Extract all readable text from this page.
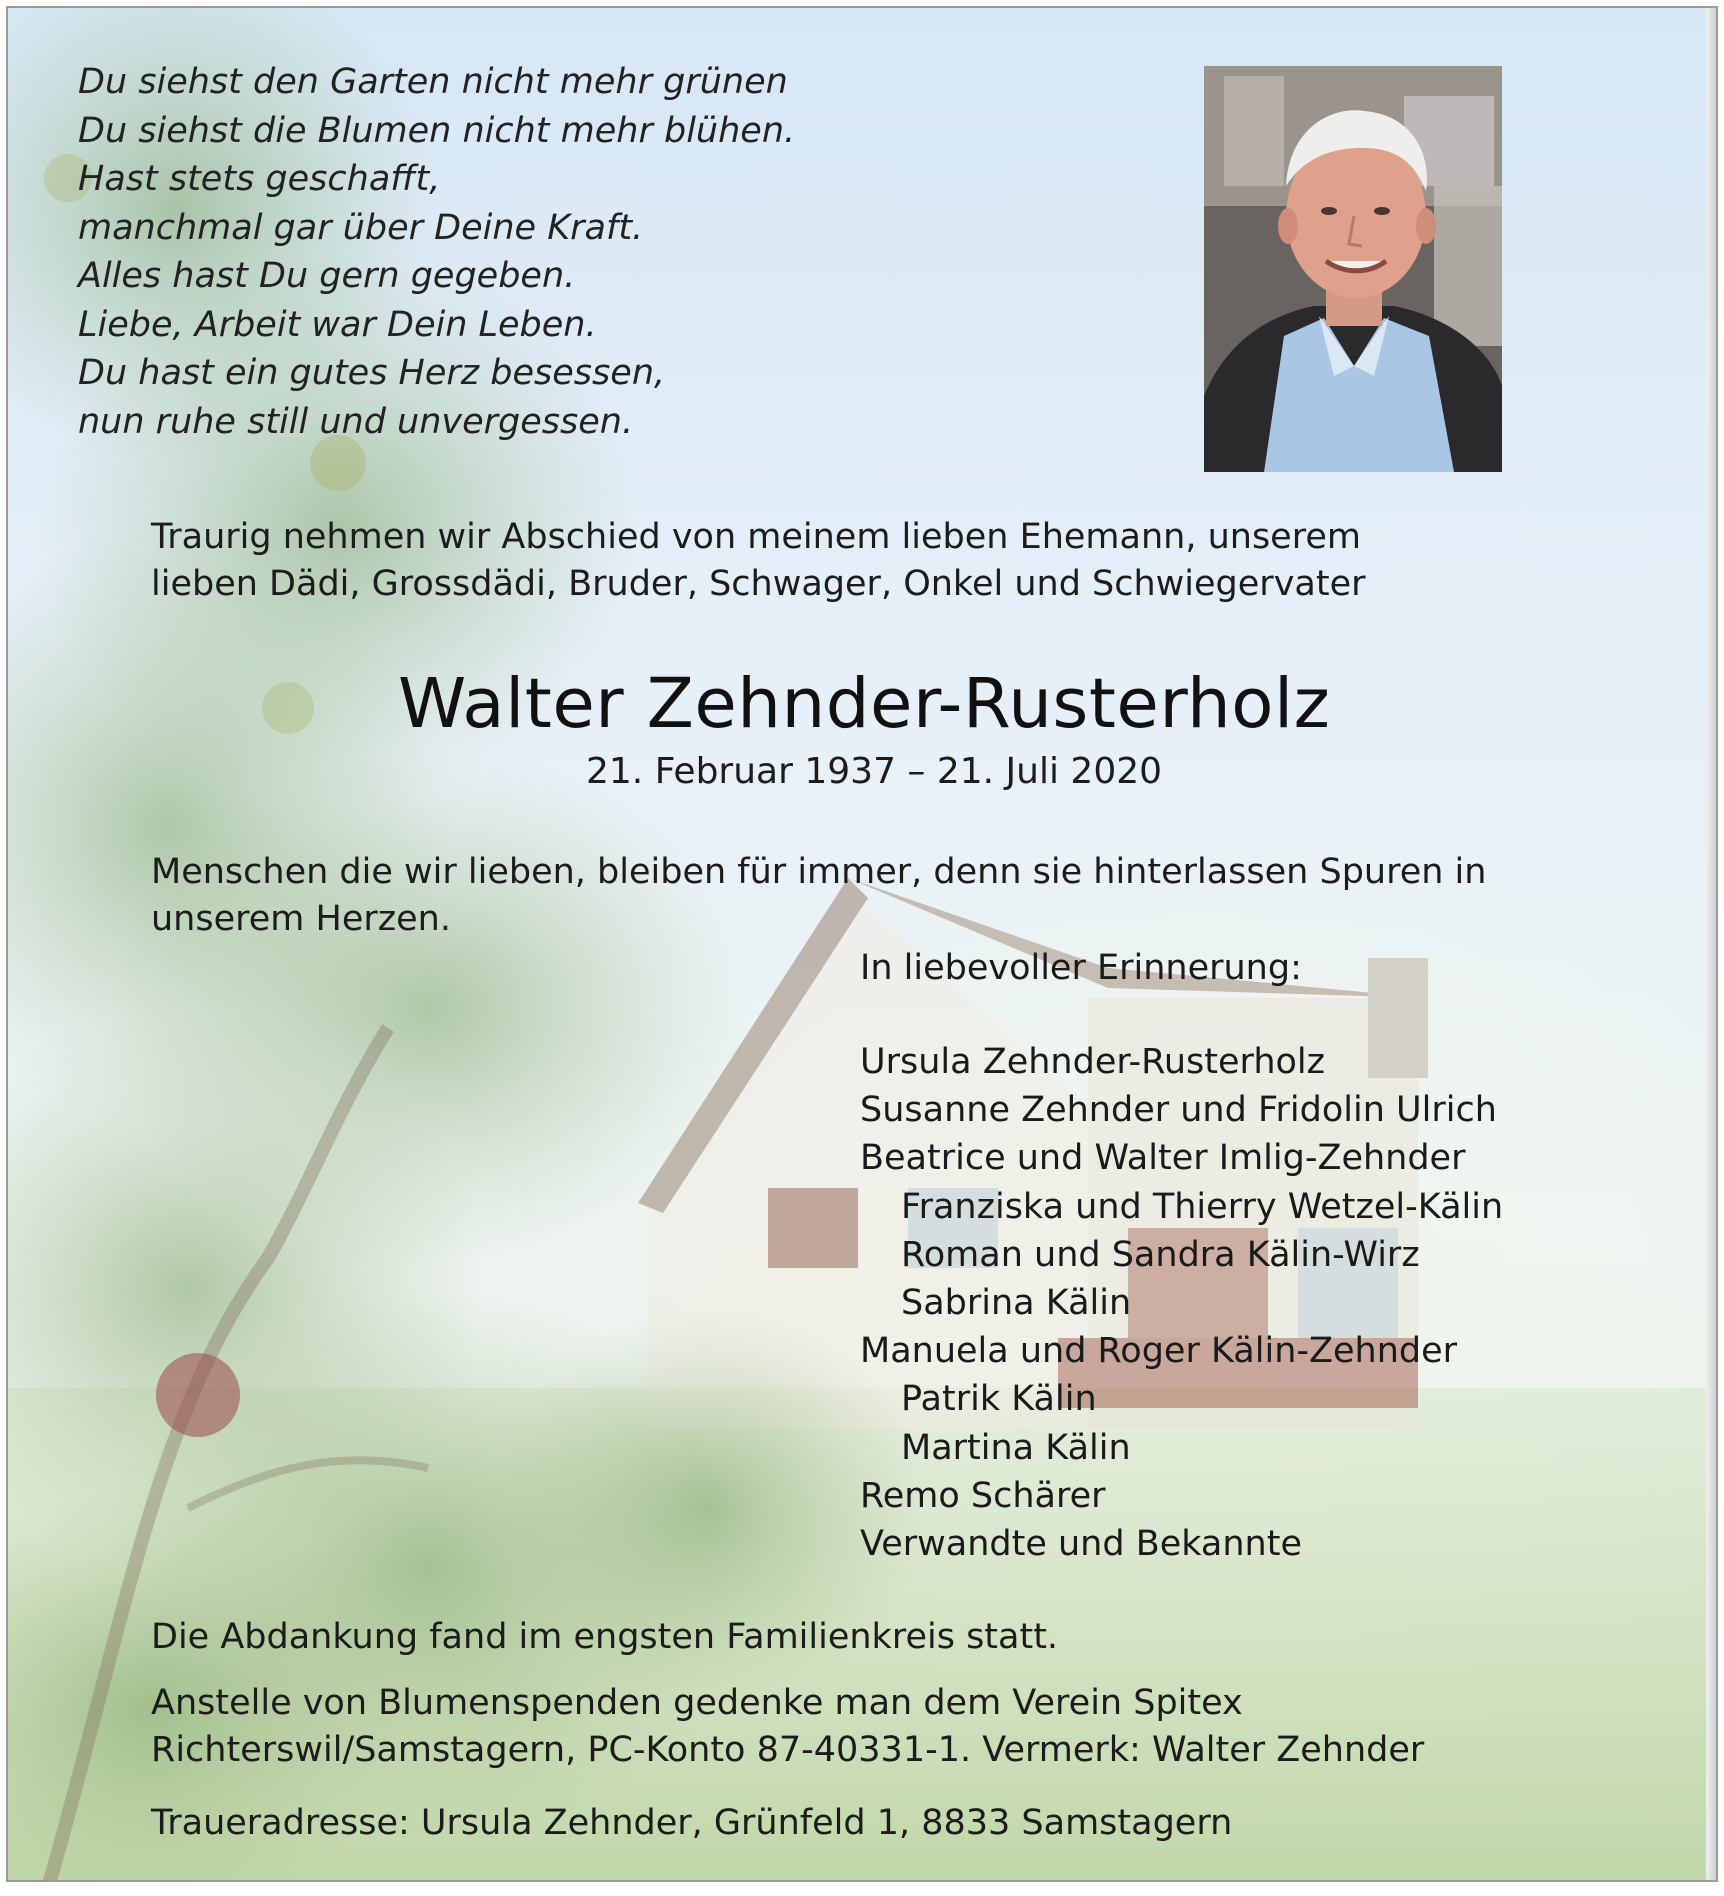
Du siehst den Garten nicht mehr grünen
Du siehst die Blumen nicht mehr blühen.
Hast stets geschafft,
manchmal gar über Deine Kraft.
Alles hast Du gern gegeben.
Liebe, Arbeit war Dein Leben.
Du hast ein gutes Herz besessen,
nun ruhe still und unvergessen.
Traurig nehmen wir Abschied von meinem lieben Ehemann, unserem
lieben Dädi, Grossdädi, Bruder, Schwager, Onkel und Schwiegervater
Walter Zehnder-Rusterholz
21. Februar 1937 – 21. Juli 2020
Menschen die wir lieben, bleiben für immer, denn sie hinterlassen Spuren in
unserem Herzen.
In liebevoller Erinnerung:
Ursula Zehnder-Rusterholz
Susanne Zehnder und Fridolin Ulrich
Beatrice und Walter Imlig-Zehnder
Franziska und Thierry Wetzel-Kälin
Roman und Sandra Kälin-Wirz
Sabrina Kälin
Manuela und Roger Kälin-Zehnder
Patrik Kälin
Martina Kälin
Remo Schärer
Verwandte und Bekannte
Die Abdankung fand im engsten Familienkreis statt.
Anstelle von Blumenspenden gedenke man dem Verein Spitex
Richterswil/Samstagern, PC-Konto 87-40331-1. Vermerk: Walter Zehnder
Traueradresse: Ursula Zehnder, Grünfeld 1, 8833 Samstagern
